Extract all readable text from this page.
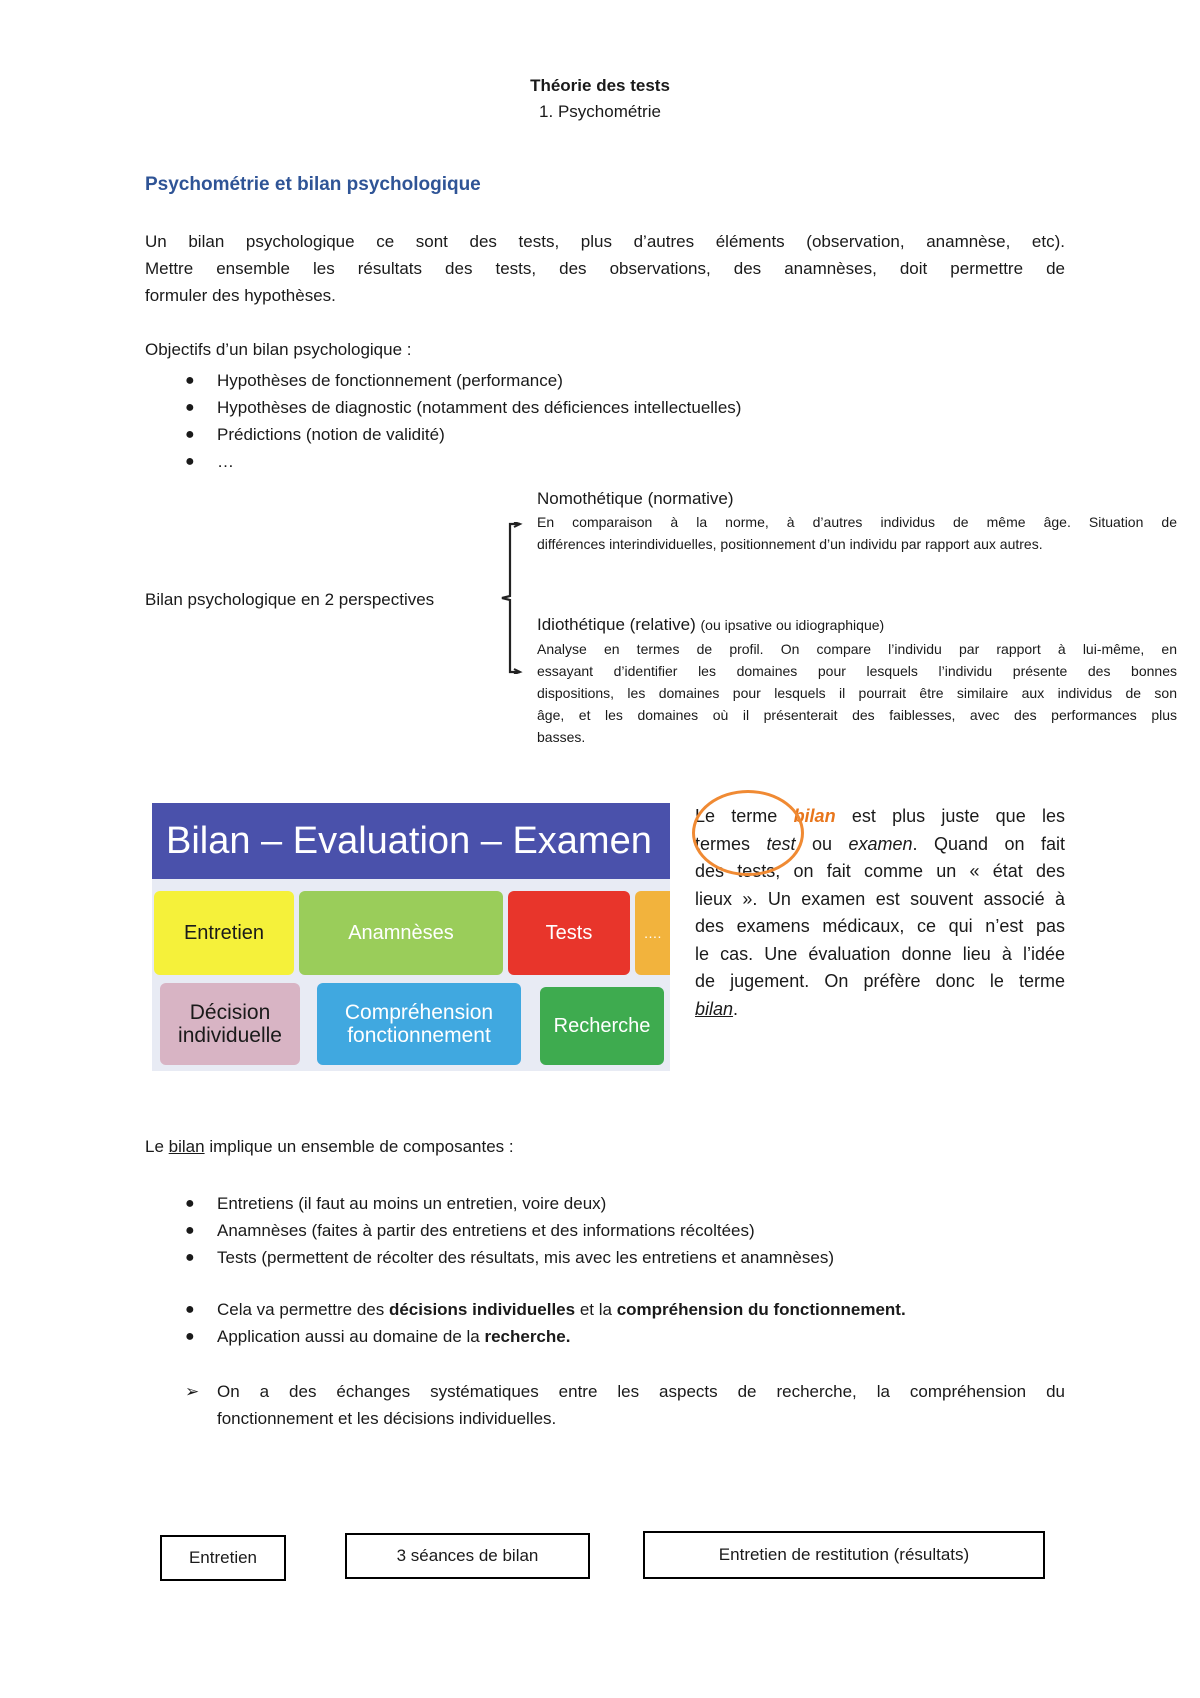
Théorie des tests
1. Psychométrie
Psychométrie et bilan psychologique
Un bilan psychologique ce sont des tests, plus d’autres éléments (observation, anamnèse, etc).
Mettre ensemble les résultats des tests, des observations, des anamnèses, doit permettre de
formuler des hypothèses.
Objectifs d’un bilan psychologique :
● Hypothèses de fonctionnement (performance)
● Hypothèses de diagnostic (notamment des déficiences intellectuelles)
● Prédictions (notion de validité)
● …
Bilan psychologique en 2 perspectives
Nomothétique (normative)
En comparaison à la norme, à d’autres individus de même âge. Situation de
différences interindividuelles, positionnement d’un individu par rapport aux autres.
Idiothétique (relative) (ou ipsative ou idiographique)
Analyse en termes de profil. On compare l’individu par rapport à lui-même, en
essayant d’identifier les domaines pour lesquels l’individu présente des bonnes
dispositions, les domaines pour lesquels il pourrait être similaire aux individus de son
âge, et les domaines où il présenterait des faiblesses, avec des performances plus
basses.
Bilan – Evaluation – Examen
Entretien	Anamnèses	Tests	….
Décision individuelle
Compréhension fonctionnement	Recherche
Le terme bilan est plus juste que les
termes test ou examen. Quand on fait
des tests, on fait comme un « état des
lieux ». Un examen est souvent associé à
des examens médicaux, ce qui n’est pas
le cas. Une évaluation donne lieu à l’idée
de jugement. On préfère donc le terme
bilan.
Le bilan implique un ensemble de composantes :
● Entretiens (il faut au moins un entretien, voire deux)
● Anamnèses (faites à partir des entretiens et des informations récoltées)
● Tests (permettent de récolter des résultats, mis avec les entretiens et anamnèses)
● Cela va permettre des décisions individuelles et la compréhension du fonctionnement.
● Application aussi au domaine de la recherche.
➢ On a des échanges systématiques entre les aspects de recherche, la compréhension du
fonctionnement et les décisions individuelles.
Entretien	3 séances de bilan	Entretien de restitution (résultats)
